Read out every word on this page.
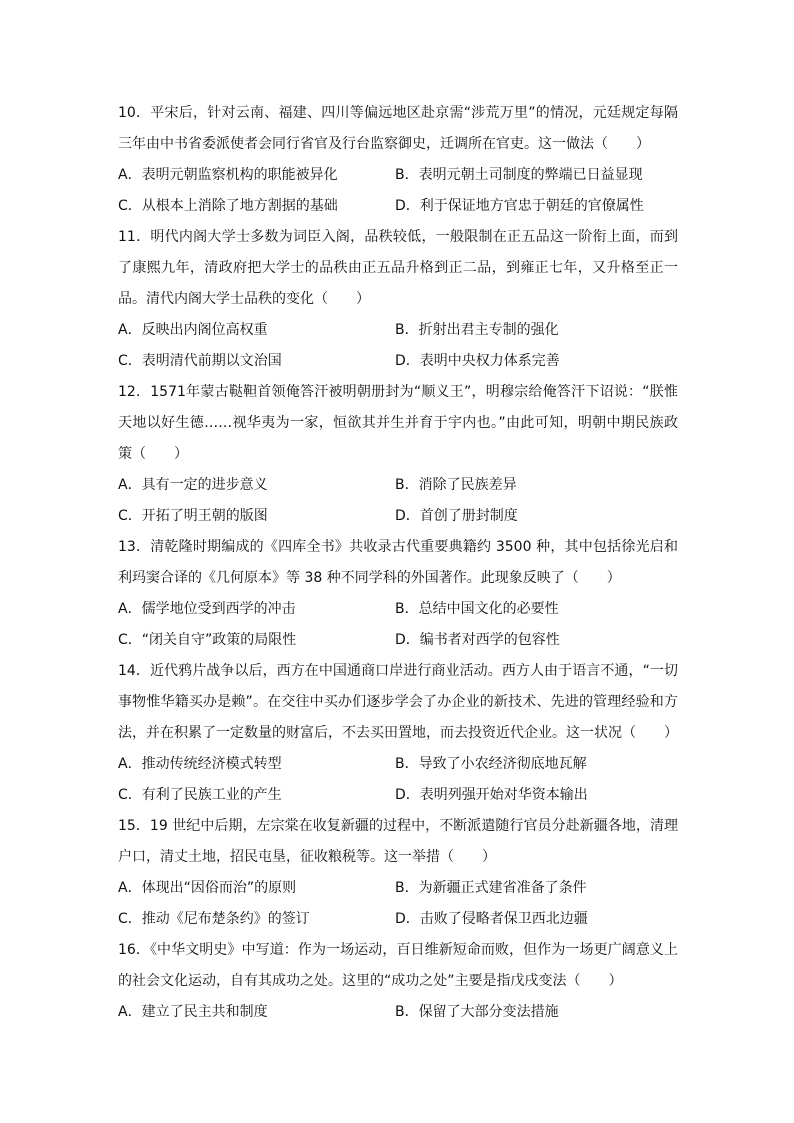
10．平宋后，针对云南、福建、四川等偏远地区赴京需“涉荒万里”的情况，元廷规定每隔三年由中书省委派使者会同行省官及行台监察御史，迁调所在官吏。这一做法（　　）

A．表明元朝监察机构的职能被异化	B．表明元朝土司制度的弊端已日益显现
C．从根本上消除了地方割据的基础	D．利于保证地方官忠于朝廷的官僚属性

11．明代内阁大学士多数为词臣入阁，品秩较低，一般限制在正五品这一阶衔上面，而到了康熙九年，清政府把大学士的品秩由正五品升格到正二品，到雍正七年，又升格至正一品。清代内阁大学士品秩的变化（　　）

A．反映出内阁位高权重	B．折射出君主专制的强化
C．表明清代前期以文治国	D．表明中央权力体系完善

12．1571年蒙古鞑靼首领俺答汗被明朝册封为“顺义王”，明穆宗给俺答汗下诏说：“朕惟天地以好生德……视华夷为一家，恒欲其并生并育于宇内也。”由此可知，明朝中期民族政策（　　）

A．具有一定的进步意义	B．消除了民族差异
C．开拓了明王朝的版图	D．首创了册封制度

13．清乾隆时期编成的《四库全书》共收录古代重要典籍约 3500 种，其中包括徐光启和利玛窦合译的《几何原本》等 38 种不同学科的外国著作。此现象反映了（　　）

A．儒学地位受到西学的冲击	B．总结中国文化的必要性
C．“闭关自守”政策的局限性	D．编书者对西学的包容性

14．近代鸦片战争以后，西方在中国通商口岸进行商业活动。西方人由于语言不通，“一切事物惟华籍买办是赖”。在交往中买办们逐步学会了办企业的新技术、先进的管理经验和方法，并在积累了一定数量的财富后，不去买田置地，而去投资近代企业。这一状况（　　）

A．推动传统经济模式转型	B．导致了小农经济彻底地瓦解
C．有利了民族工业的产生	D．表明列强开始对华资本输出

15．19 世纪中后期，左宗棠在收复新疆的过程中，不断派遣随行官员分赴新疆各地，清理户口，清丈土地，招民屯垦，征收粮税等。这一举措（　　）

A．体现出“因俗而治”的原则	B．为新疆正式建省准备了条件
C．推动《尼布楚条约》的签订	D．击败了侵略者保卫西北边疆

16．《中华文明史》中写道：作为一场运动，百日维新短命而败，但作为一场更广阔意义上的社会文化运动，自有其成功之处。这里的“成功之处”主要是指戊戌变法（　　）

A．建立了民主共和制度	B．保留了大部分变法措施
